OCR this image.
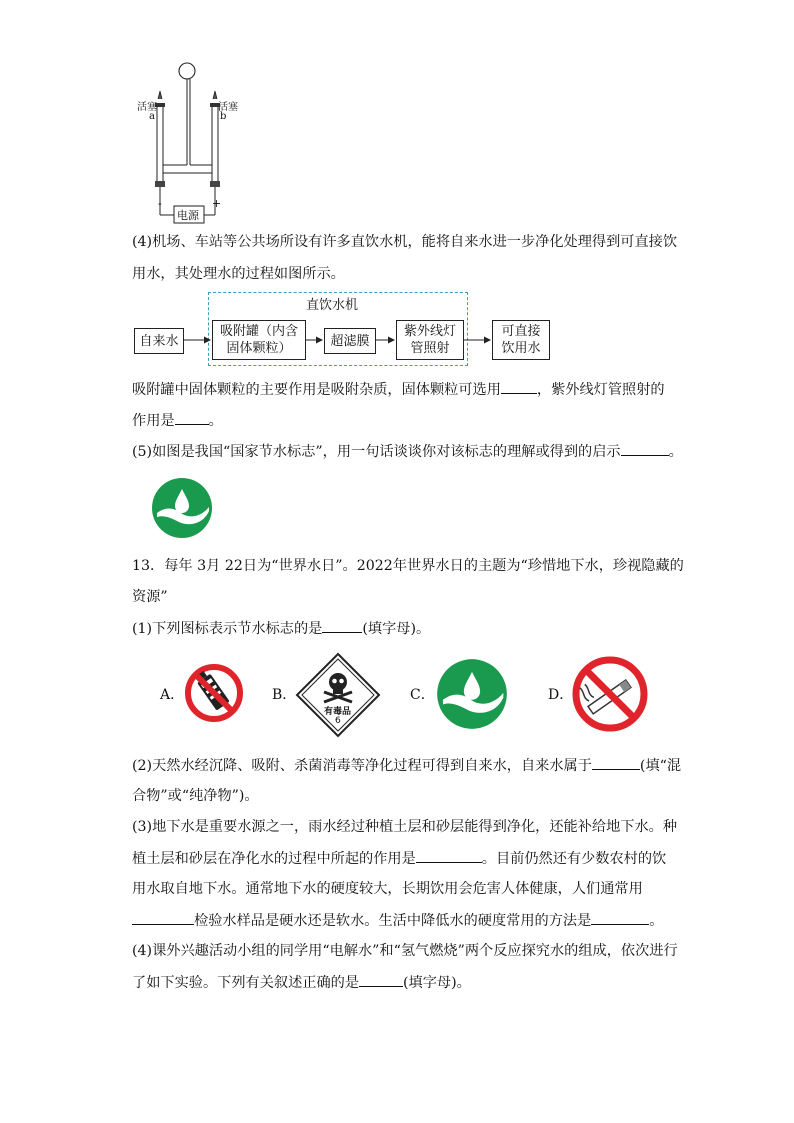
活塞
a
活塞
b
-	+
电源
(4)机场、车站等公共场所设有许多直饮水机，能将自来水进一步净化处理得到可直接饮
用水，其处理水的过程如图所示。
直饮水机
自来水
吸附罐（内含
固体颗粒）	超滤膜
紫外线灯
管照射
可直接
饮用水
吸附罐中固体颗粒的主要作用是吸附杂质，固体颗粒可选用	，紫外线灯管照射的
作用是 。
(5)如图是我国“国家节水标志”，用一句话谈谈你对该标志的理解或得到的启示	。
13．每年 3月 22日为“世界水日”。2022年世界水日的主题为“珍惜地下水，珍视隐藏的
资源”
(1)下列图标表示节水标志的是	(填字母)。
A．	B．
有毒品
6
C．	D．
(2)天然水经沉降、吸附、杀菌消毒等净化过程可得到自来水，自来水属于	(填“混
合物”或“纯净物”)。
(3)地下水是重要水源之一，雨水经过种植土层和砂层能得到净化，还能补给地下水。种
植土层和砂层在净化水的过程中所起的作用是	。目前仍然还有少数农村的饮
用水取自地下水。通常地下水的硬度较大，长期饮用会危害人体健康，人们通常用
检验水样品是硬水还是软水。生活中降低水的硬度常用的方法是	。
(4)课外兴趣活动小组的同学用“电解水”和“氢气燃烧”两个反应探究水的组成，依次进行
了如下实验。下列有关叙述正确的是	(填字母)。
